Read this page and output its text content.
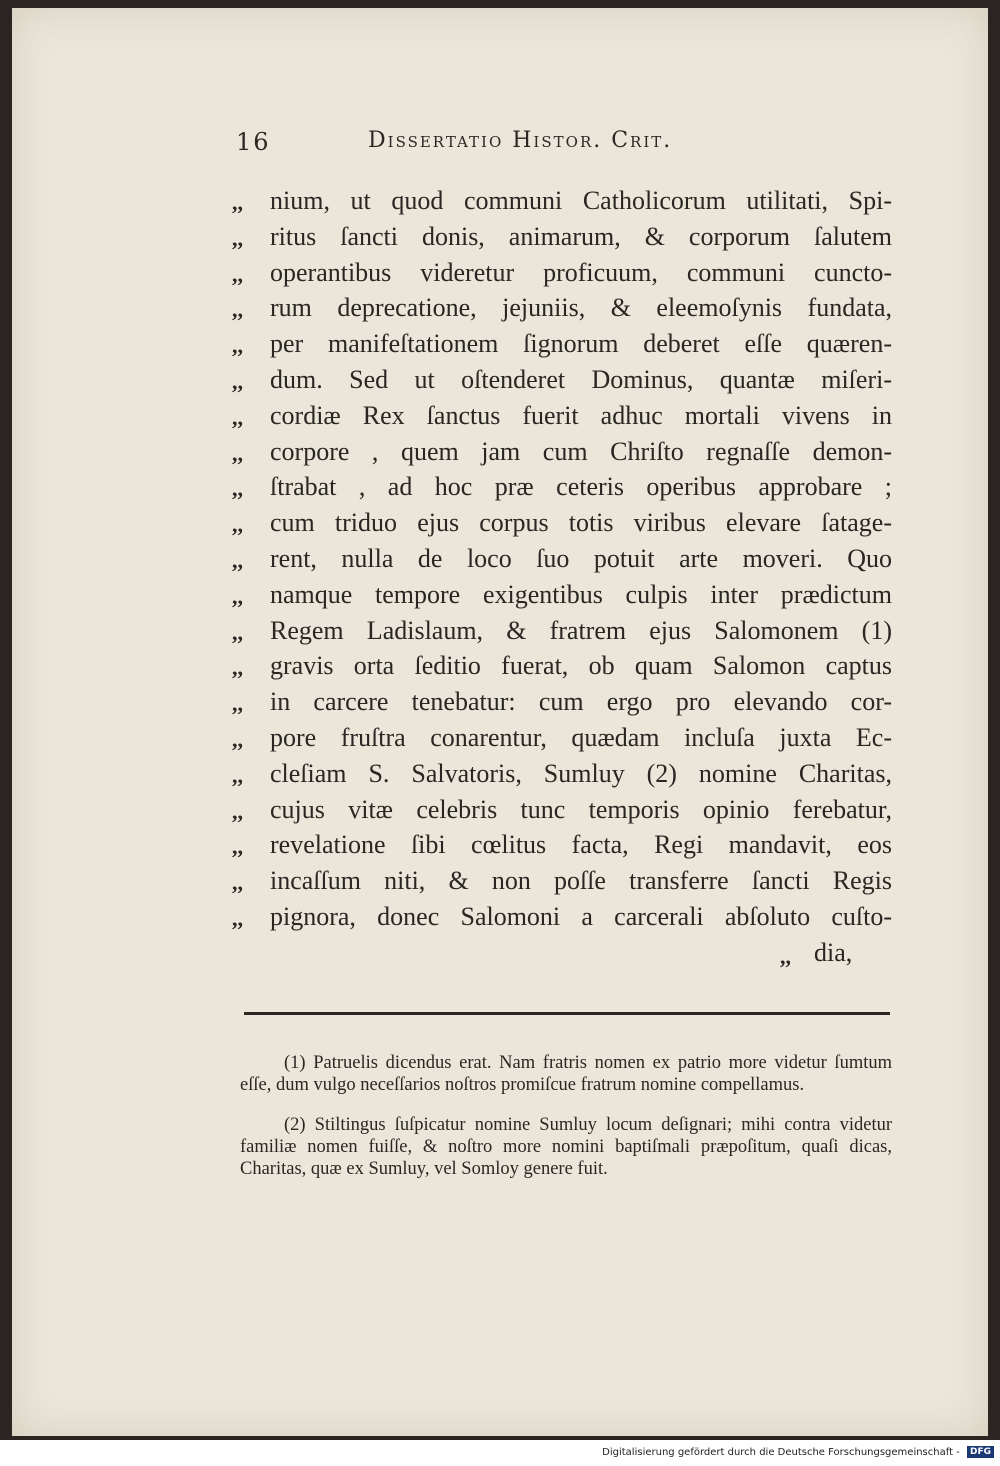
16	Dissertatio Histor. Crit.
,,	nium, ut quod communi Catholicorum utilitati, Spi-
,,	ritus ſancti donis, animarum, & corporum ſalutem
,,	operantibus videretur proficuum, communi cuncto-
,,	rum deprecatione, jejuniis, & eleemoſynis fundata,
,,	per manifeſtationem ſignorum deberet eſſe quæren-
,,	dum. Sed ut oſtenderet Dominus, quantæ miſeri-
,,	cordiæ Rex ſanctus fuerit adhuc mortali vivens in
,,	corpore , quem jam cum Chriſto regnaſſe demon-
,,	ſtrabat , ad hoc præ ceteris operibus approbare ;
,,	cum triduo ejus corpus totis viribus elevare ſatage-
,,	rent, nulla de loco ſuo potuit arte moveri. Quo
,,	namque tempore exigentibus culpis inter prædictum
,,	Regem Ladislaum, & fratrem ejus Salomonem (1)
,,	gravis orta ſeditio fuerat, ob quam Salomon captus
,,	in carcere tenebatur: cum ergo pro elevando cor-
,,	pore fruſtra conarentur, quædam incluſa juxta Ec-
,,	cleſiam S. Salvatoris, Sumluy (2) nomine Charitas,
,,	cujus vitæ celebris tunc temporis opinio ferebatur,
,,	revelatione ſibi cœlitus facta, Regi mandavit, eos
,,	incaſſum niti, & non poſſe transferre ſancti Regis
,,	pignora, donec Salomoni a carcerali abſoluto cuſto-
,, dia,

(1) Patruelis dicendus erat. Nam fratris nomen ex patrio more videtur ſumtum eſſe, dum vulgo neceſſarios noſtros promiſcue fratrum nomine compellamus.

(2) Stiltingus ſuſpicatur nomine Sumluy locum deſignari; mihi contra videtur familiæ nomen fuiſſe, & noſtro more nomini baptiſmali præpoſitum, quaſi dicas, Charitas, quæ ex Sumluy, vel Somloy genere fuit.

Digitalisierung gefördert durch die Deutsche Forschungsgemeinschaft - DFG
